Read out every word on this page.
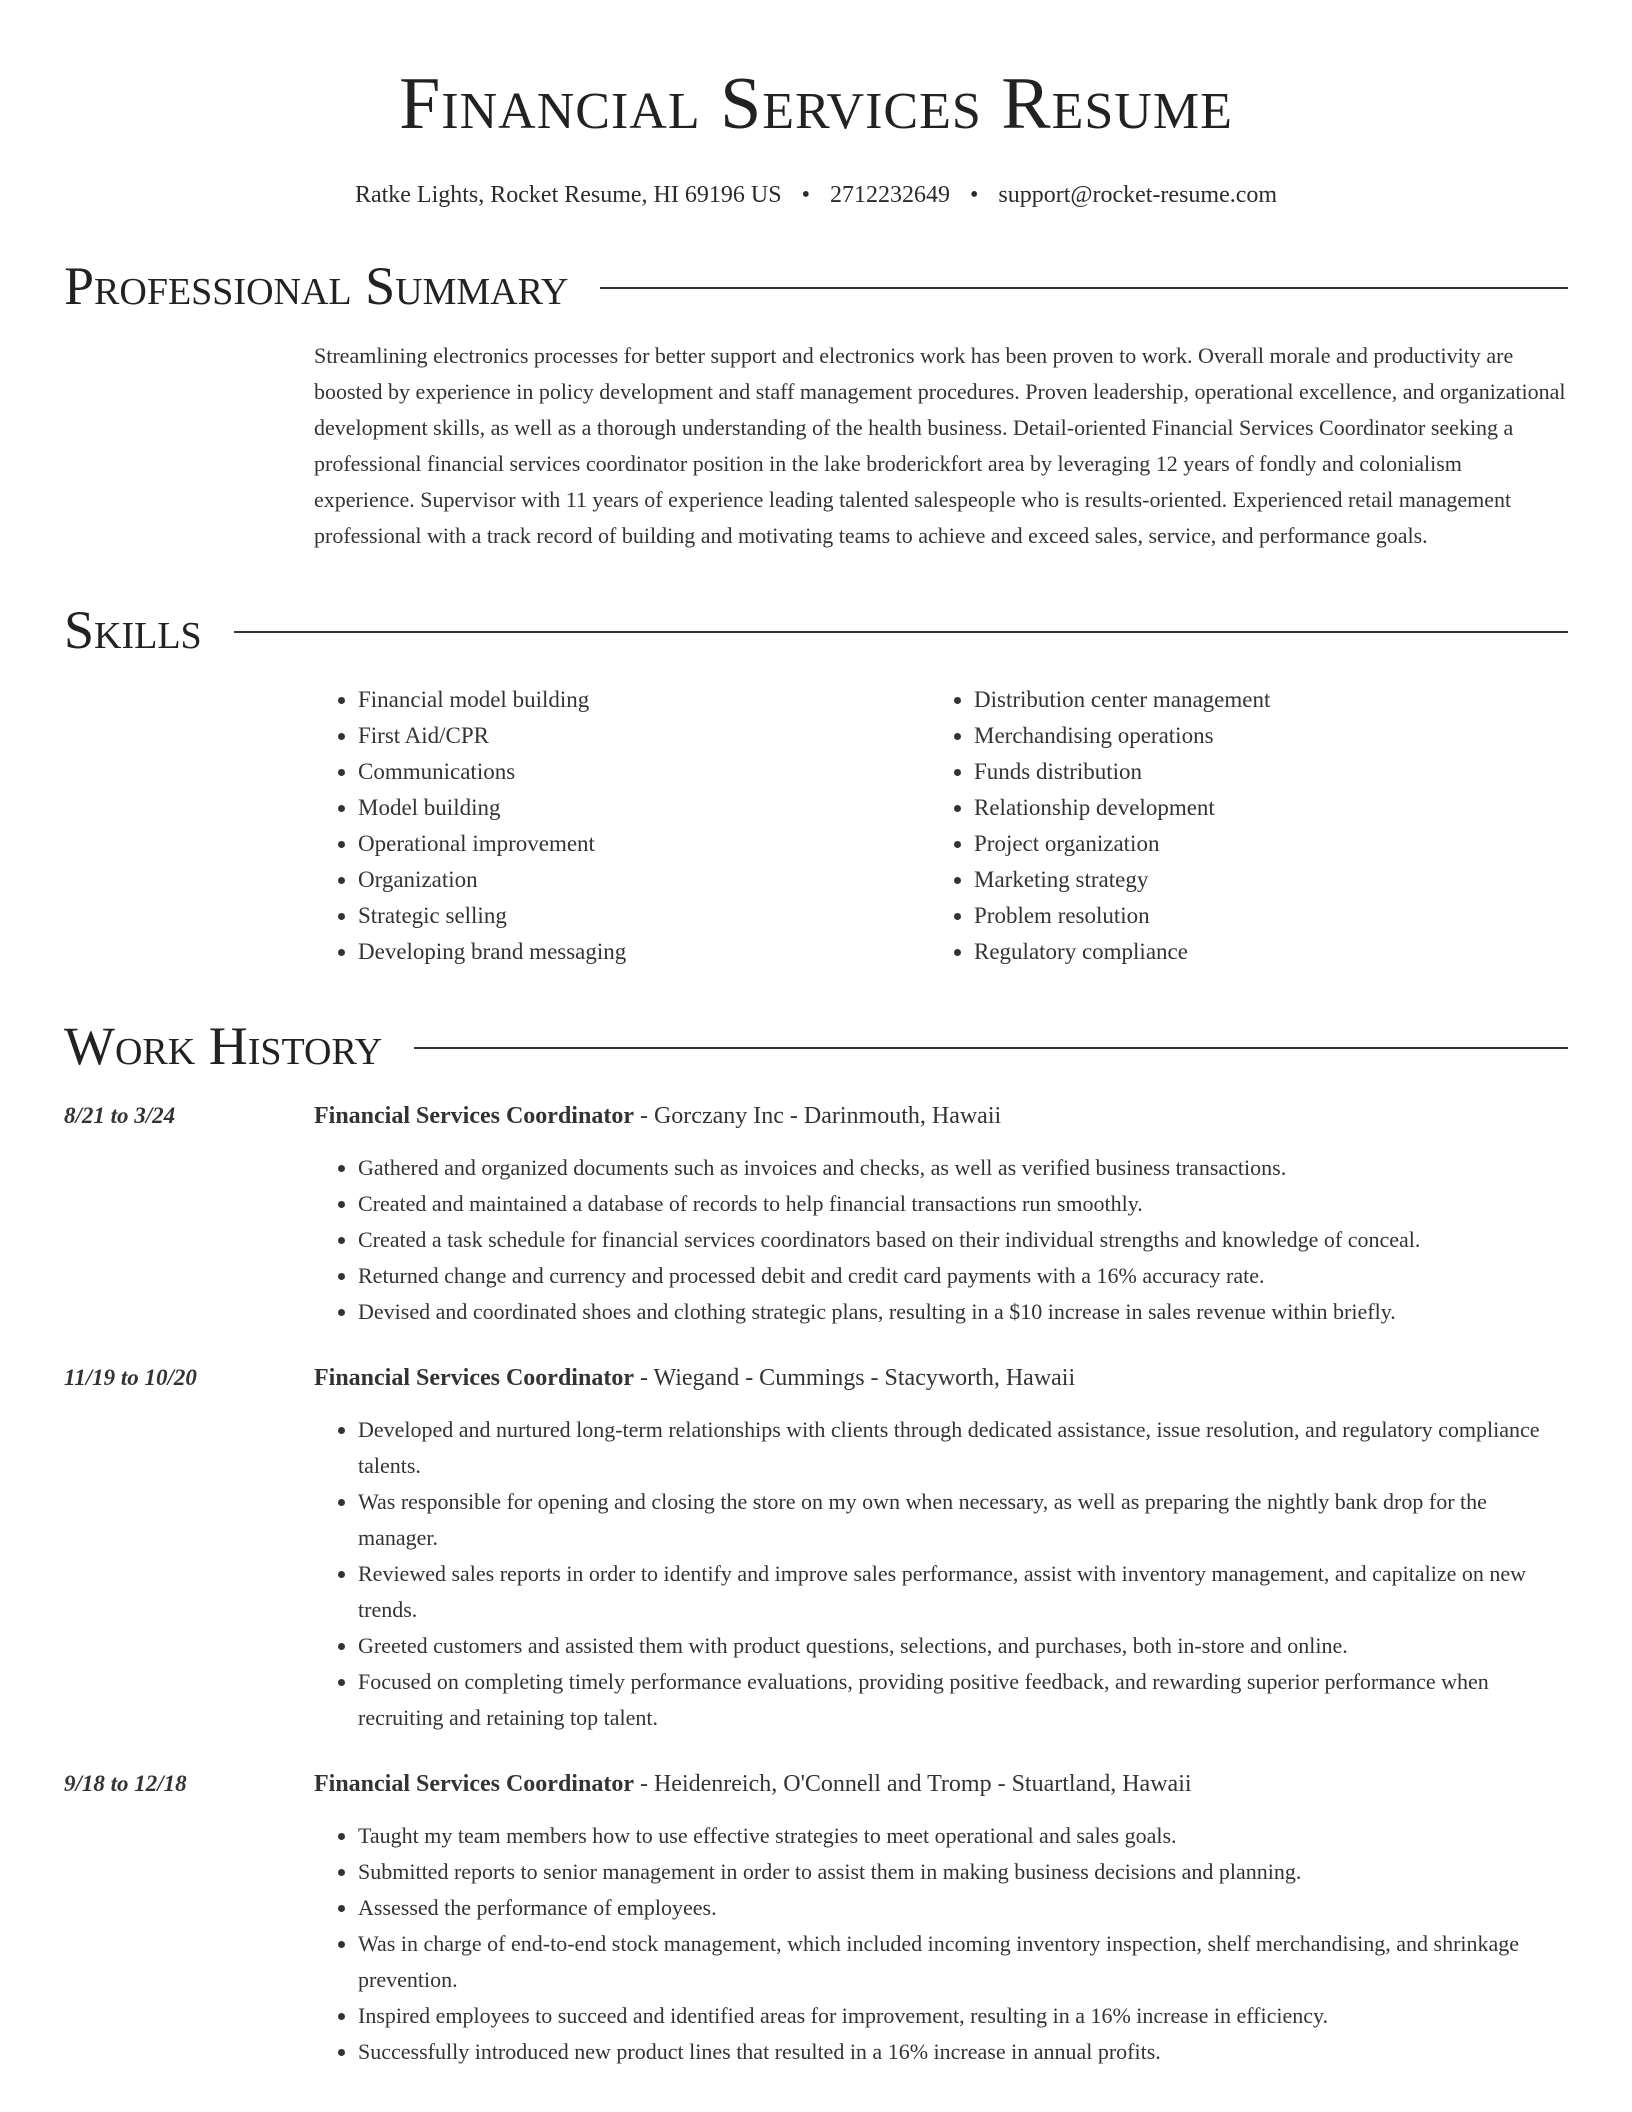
Financial Services Resume
Ratke Lights, Rocket Resume, HI 69196 US • 2712232649 • support@rocket-resume.com
Professional Summary
Streamlining electronics processes for better support and electronics work has been proven to work. Overall morale and productivity are boosted by experience in policy development and staff management procedures. Proven leadership, operational excellence, and organizational development skills, as well as a thorough understanding of the health business. Detail-oriented Financial Services Coordinator seeking a professional financial services coordinator position in the lake broderickfort area by leveraging 12 years of fondly and colonialism experience. Supervisor with 11 years of experience leading talented salespeople who is results-oriented. Experienced retail management professional with a track record of building and motivating teams to achieve and exceed sales, service, and performance goals.
Skills
• Financial model building
• First Aid/CPR
• Communications
• Model building
• Operational improvement
• Organization
• Strategic selling
• Developing brand messaging
• Distribution center management
• Merchandising operations
• Funds distribution
• Relationship development
• Project organization
• Marketing strategy
• Problem resolution
• Regulatory compliance
Work History
8/21 to 3/24	Financial Services Coordinator - Gorczany Inc - Darinmouth, Hawaii
• Gathered and organized documents such as invoices and checks, as well as verified business transactions.
• Created and maintained a database of records to help financial transactions run smoothly.
• Created a task schedule for financial services coordinators based on their individual strengths and knowledge of conceal.
• Returned change and currency and processed debit and credit card payments with a 16% accuracy rate.
• Devised and coordinated shoes and clothing strategic plans, resulting in a $10 increase in sales revenue within briefly.
11/19 to 10/20	Financial Services Coordinator - Wiegand - Cummings - Stacyworth, Hawaii
• Developed and nurtured long-term relationships with clients through dedicated assistance, issue resolution, and regulatory compliance talents.
• Was responsible for opening and closing the store on my own when necessary, as well as preparing the nightly bank drop for the manager.
• Reviewed sales reports in order to identify and improve sales performance, assist with inventory management, and capitalize on new trends.
• Greeted customers and assisted them with product questions, selections, and purchases, both in-store and online.
• Focused on completing timely performance evaluations, providing positive feedback, and rewarding superior performance when recruiting and retaining top talent.
9/18 to 12/18	Financial Services Coordinator - Heidenreich, O'Connell and Tromp - Stuartland, Hawaii
• Taught my team members how to use effective strategies to meet operational and sales goals.
• Submitted reports to senior management in order to assist them in making business decisions and planning.
• Assessed the performance of employees.
• Was in charge of end-to-end stock management, which included incoming inventory inspection, shelf merchandising, and shrinkage prevention.
• Inspired employees to succeed and identified areas for improvement, resulting in a 16% increase in efficiency.
• Successfully introduced new product lines that resulted in a 16% increase in annual profits.
